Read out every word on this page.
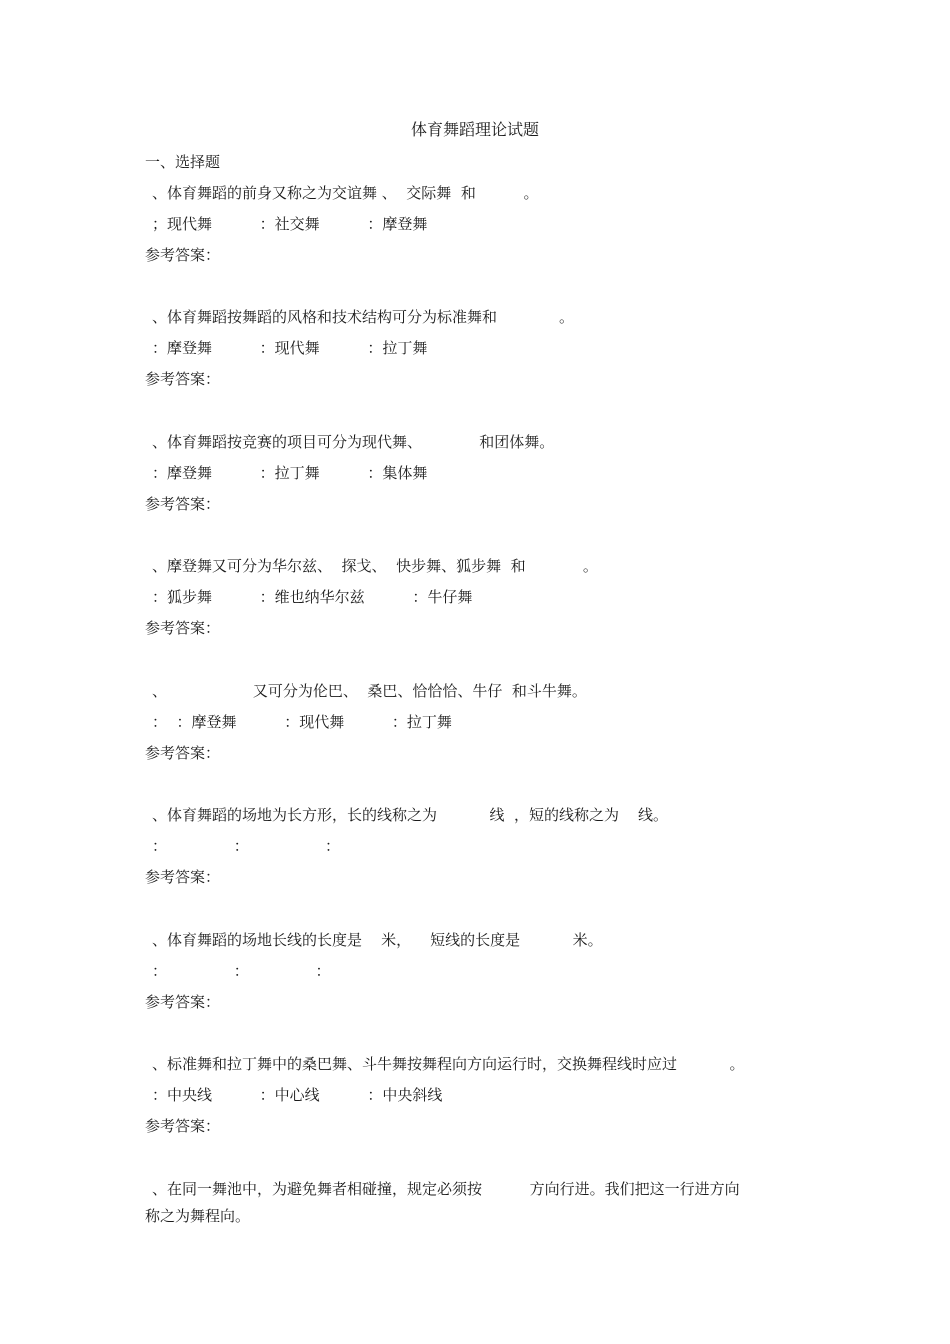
体育舞蹈理论试题
一、选择题
、体育舞蹈的前身又称之为交谊舞 、  交际舞  和          。
；现代舞          ：社交舞          ：摩登舞
参考答案：
、体育舞蹈按舞蹈的风格和技术结构可分为标准舞和             。
：摩登舞          ：现代舞          ：拉丁舞
参考答案：
、体育舞蹈按竞赛的项目可分为现代舞、            和团体舞。
：摩登舞          ：拉丁舞          ：集体舞
参考答案：
、摩登舞又可分为华尔兹、  探戈、  快步舞、狐步舞  和            。
：狐步舞          ：维也纳华尔兹          ：牛仔舞
参考答案：
、                  又可分为伦巴、  桑巴、恰恰恰、牛仔  和斗牛舞。
：  ：摩登舞          ：现代舞          ：拉丁舞
参考答案：
、体育舞蹈的场地为长方形，长的线称之为           线  ，短的线称之为    线。
：              ：                ：
参考答案：
、体育舞蹈的场地长线的长度是    米，    短线的长度是           米。
：              ：              ：
参考答案：
、标准舞和拉丁舞中的桑巴舞、斗牛舞按舞程向方向运行时，交换舞程线时应过           。
：中央线          ：中心线          ：中央斜线
参考答案：
、在同一舞池中，为避免舞者相碰撞，规定必须按          方向行进。我们把这一行进方向
称之为舞程向。
